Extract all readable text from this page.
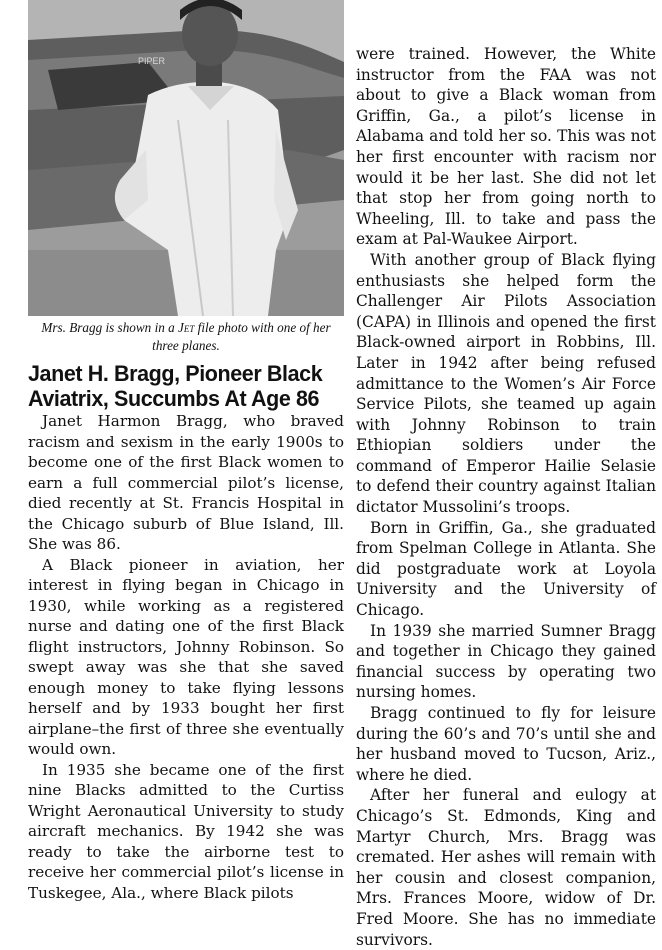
PIPER

Mrs. Bragg is shown in a Jet file photo with one of her three planes.

Janet H. Bragg, Pioneer Black Aviatrix, Succumbs At Age 86

Janet Harmon Bragg, who braved racism and sexism in the early 1900s to become one of the first Black women to earn a full commercial pilot’s license, died recently at St. Francis Hospital in the Chicago suburb of Blue Island, Ill. She was 86.

A Black pioneer in aviation, her interest in flying began in Chicago in 1930, while working as a registered nurse and dating one of the first Black flight instructors, Johnny Robinson. So swept away was she that she saved enough money to take flying lessons herself and by 1933 bought her first airplane–the first of three she eventually would own.

In 1935 she became one of the first nine Blacks admitted to the Curtiss Wright Aeronautical University to study aircraft mechanics. By 1942 she was ready to take the airborne test to receive her commercial pilot’s license in Tuskegee, Ala., where Black pilots

were trained. However, the White instructor from the FAA was not about to give a Black woman from Griffin, Ga., a pilot’s license in Alabama and told her so. This was not her first encounter with racism nor would it be her last. She did not let that stop her from going north to Wheeling, Ill. to take and pass the exam at Pal-Waukee Airport.

With another group of Black flying enthusiasts she helped form the Challenger Air Pilots Association (CAPA) in Illinois and opened the first Black-owned airport in Robbins, Ill. Later in 1942 after being refused admittance to the Women’s Air Force Service Pilots, she teamed up again with Johnny Robinson to train Ethiopian soldiers under the command of Emperor Hailie Selasie to defend their country against Italian dictator Mussolini’s troops.

Born in Griffin, Ga., she graduated from Spelman College in Atlanta. She did postgraduate work at Loyola University and the University of Chicago.

In 1939 she married Sumner Bragg and together in Chicago they gained financial success by operating two nursing homes.

Bragg continued to fly for leisure during the 60’s and 70’s until she and her husband moved to Tucson, Ariz., where he died.

After her funeral and eulogy at Chicago’s St. Edmonds, King and Martyr Church, Mrs. Bragg was cremated. Her ashes will remain with her cousin and closest companion, Mrs. Frances Moore, widow of Dr. Fred Moore. She has no immediate survivors.
